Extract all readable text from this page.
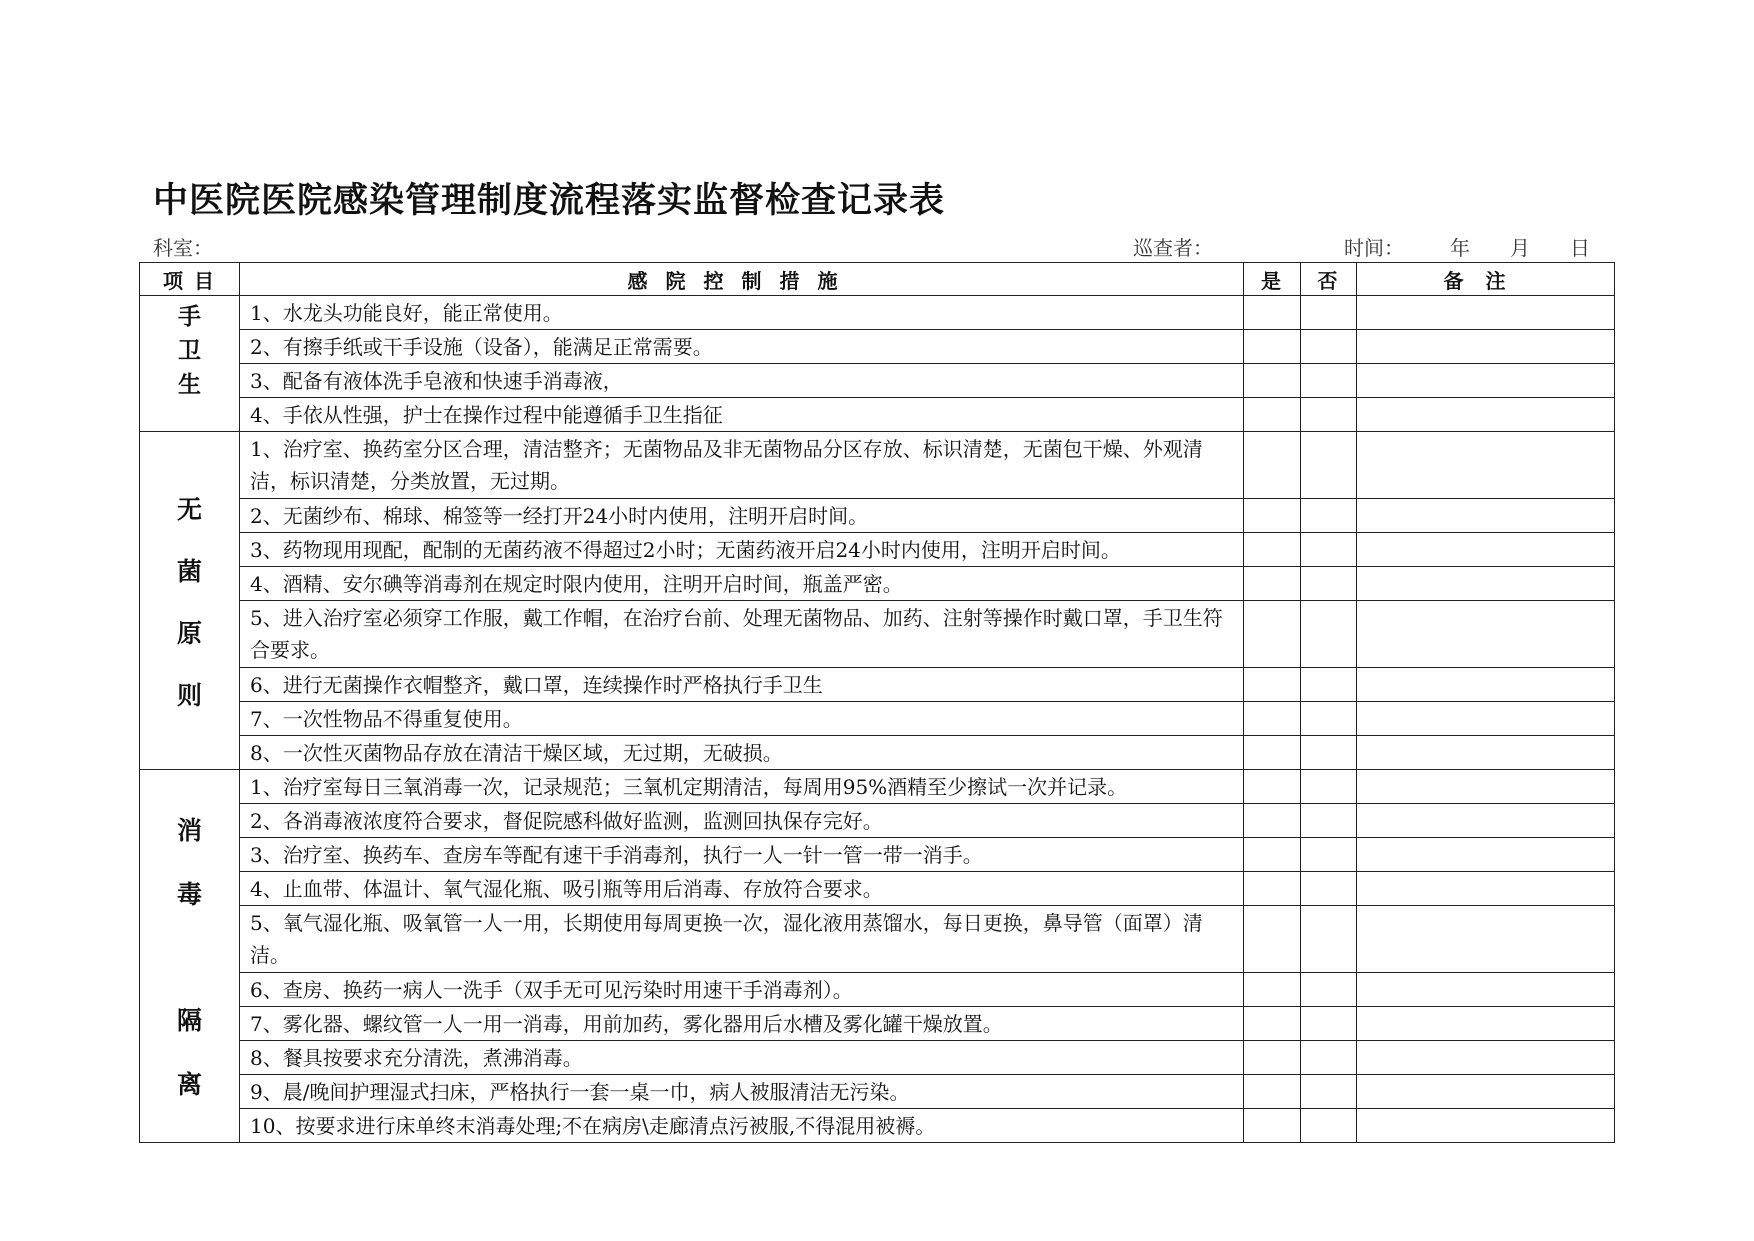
中医院医院感染管理制度流程落实监督检查记录表
科室：	巡查者：	时间： 年 月 日
项 目	感院控制措施	是	否	备注

手
卫
生	1、水龙头功能良好，能正常使用。			
	2、有擦手纸或干手设施（设备），能满足正常需要。			
	3、配备有液体洗手皂液和快速手消毒液，			
	4、手依从性强，护士在操作过程中能遵循手卫生指征			

无
菌
原
则	1、治疗室、换药室分区合理，清洁整齐；无菌物品及非无菌物品分区存放、标识清楚，无菌包干燥、外观清洁，标识清楚，分类放置，无过期。			
	2、无菌纱布、棉球、棉签等一经打开24小时内使用，注明开启时间。			
	3、药物现用现配，配制的无菌药液不得超过2小时；无菌药液开启24小时内使用，注明开启时间。			
	4、酒精、安尔碘等消毒剂在规定时限内使用，注明开启时间，瓶盖严密。			
	5、进入治疗室必须穿工作服，戴工作帽，在治疗台前、处理无菌物品、加药、注射等操作时戴口罩，手卫生符合要求。			
	6、进行无菌操作衣帽整齐，戴口罩，连续操作时严格执行手卫生			
	7、一次性物品不得重复使用。			
	8、一次性灭菌物品存放在清洁干燥区域，无过期，无破损。			

消
毒
隔
离	1、治疗室每日三氧消毒一次，记录规范；三氧机定期清洁，每周用95%酒精至少擦试一次并记录。			
	2、各消毒液浓度符合要求，督促院感科做好监测，监测回执保存完好。			
	3、治疗室、换药车、查房车等配有速干手消毒剂，执行一人一针一管一带一消手。			
	4、止血带、体温计、氧气湿化瓶、吸引瓶等用后消毒、存放符合要求。			
	5、氧气湿化瓶、吸氧管一人一用，长期使用每周更换一次，湿化液用蒸馏水，每日更换，鼻导管（面罩）清洁。			
	6、查房、换药一病人一洗手（双手无可见污染时用速干手消毒剂）。			
	7、雾化器、螺纹管一人一用一消毒，用前加药，雾化器用后水槽及雾化罐干燥放置。			
	8、餐具按要求充分清洗，煮沸消毒。			
	9、晨/晚间护理湿式扫床，严格执行一套一桌一巾，病人被服清洁无污染。			
	10、按要求进行床单终末消毒处理;不在病房\走廊清点污被服,不得混用被褥。			
